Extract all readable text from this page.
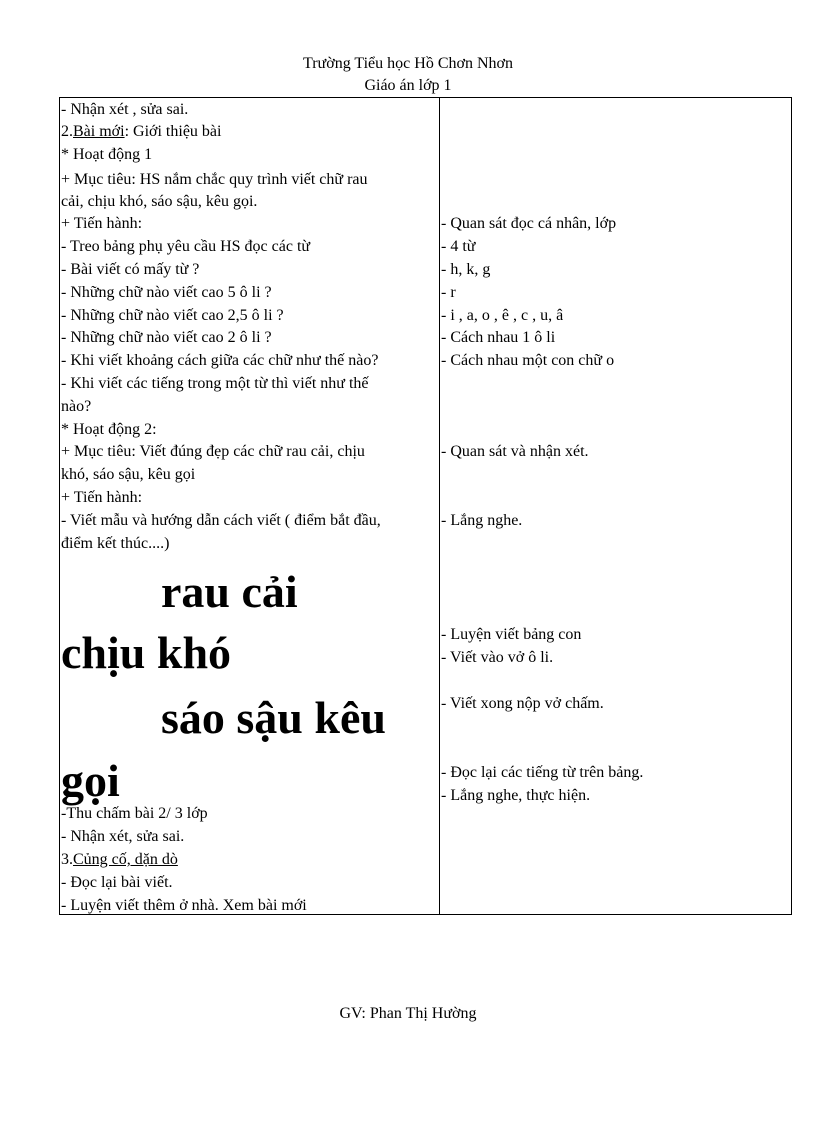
Trường Tiểu học Hồ Chơn Nhơn
Giáo án lớp 1
- Nhận xét , sửa sai.
2.Bài mới: Giới thiệu bài
* Hoạt động 1
+ Mục tiêu: HS nắm chắc quy trình viết chữ rau
cải, chịu khó, sáo sậu, kêu gọi.
+ Tiến hành:
- Treo bảng phụ yêu cầu HS đọc các từ
- Bài viết có mấy từ ?
- Những chữ nào viết cao 5 ô li ?
- Những chữ nào viết cao 2,5 ô li ?
- Những chữ nào viết cao 2 ô li ?
- Khi viết khoảng cách giữa các chữ như thế nào?
- Khi viết các tiếng trong một từ thì viết như thế
nào?
* Hoạt động 2:
+ Mục tiêu: Viết đúng đẹp các chữ rau cải, chịu
khó, sáo sậu, kêu gọi
+ Tiến hành:
- Viết mẫu và hướng dẫn cách viết ( điểm bắt đầu,
điểm kết thúc....)
rau cải
chịu khó
sáo sậu kêu
gọi
-Thu chấm bài 2/ 3 lớp
- Nhận xét, sửa sai.
3.Củng cố, dặn dò
- Đọc lại bài viết.
- Luyện viết thêm ở nhà. Xem bài mới
- Quan sát đọc cá nhân, lớp
- 4 từ
- h, k, g
- r
- i , a, o , ê , c , u, â
- Cách nhau 1 ô li
- Cách nhau một con chữ o
- Quan sát và nhận xét.
- Lắng nghe.
- Luyện viết bảng con
- Viết vào vở ô li.
- Viết xong nộp vở chấm.
- Đọc lại các tiếng từ trên bảng.
- Lắng nghe, thực hiện.
GV: Phan Thị Hường
